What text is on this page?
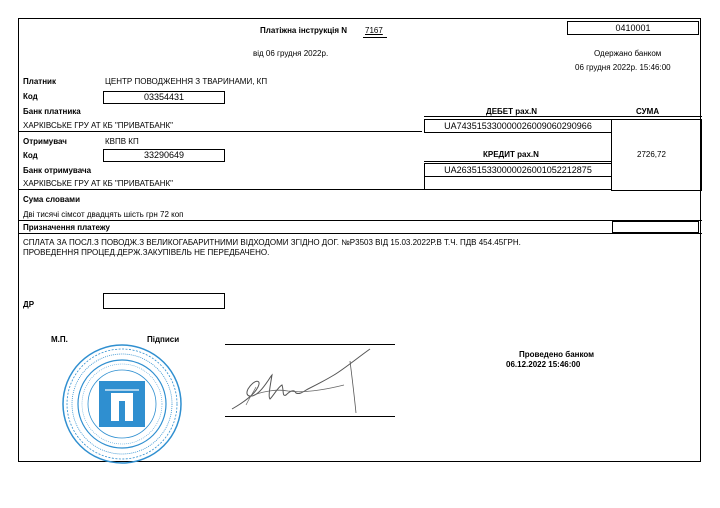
Платіжна інструкція N 7167	0410001
від 06 грудня 2022р.	Одержано банком
06 грудня 2022р. 15:46:00
Платник	ЦЕНТР ПОВОДЖЕННЯ З ТВАРИНАМИ, КП
Код	03354431
Банк платника
ХАРКІВСЬКЕ ГРУ АТ КБ "ПРИВАТБАНК"
ДЕБЕТ рах.N	СУМА
UA743515330000026009060290966
2726,72
КРЕДИТ рах.N
UA263515330000026001052212875
Отримувач	КВПВ КП
Код	33290649
Банк отримувача
ХАРКІВСЬКЕ ГРУ АТ КБ "ПРИВАТБАНК"
Сума словами
Дві тисячі сімсот двадцять шість грн 72 коп
Призначення платежу
СПЛАТА ЗА ПОСЛ.З ПОВОДЖ.З ВЕЛИКОГАБАРИТНИМИ ВІДХОДОМИ ЗГІДНО ДОГ. №Р3503 ВІД 15.03.2022Р.В Т.Ч. ПДВ 454.45ГРН.
ПРОВЕДЕННЯ ПРОЦЕД.ДЕРЖ.ЗАКУПІВЕЛЬ НЕ ПЕРЕДБАЧЕНО.
ДР
М.П.	Підписи
Проведено банком
06.12.2022 15:46:00
